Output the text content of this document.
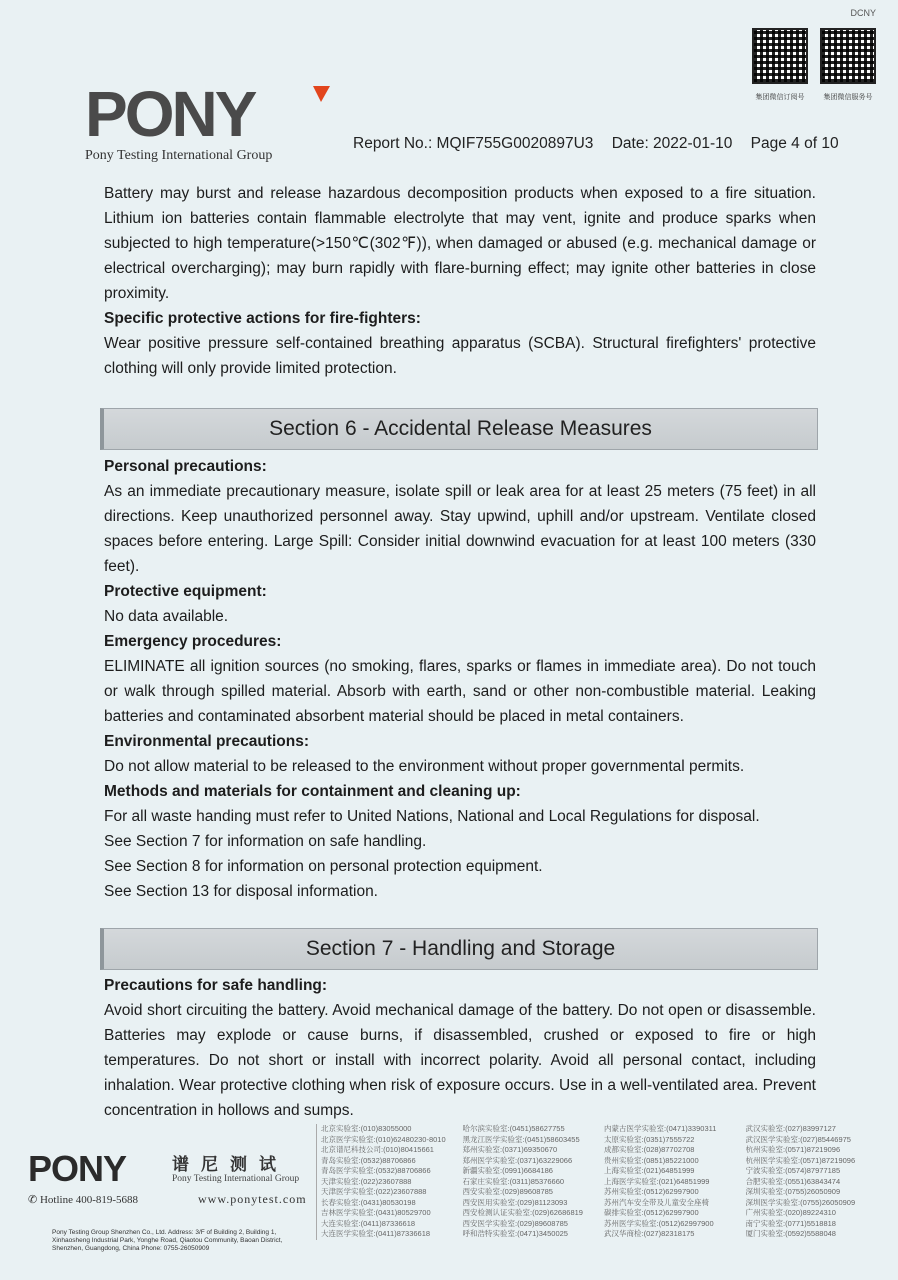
DCNY
集团微信订阅号	集团微信服务号
PONY
Pony Testing International Group
Report No.: MQIF755G0020897U3 Date: 2022-01-10 Page 4 of 10

Battery may burst and release hazardous decomposition products when exposed to a fire situation. Lithium ion batteries contain flammable electrolyte that may vent, ignite and produce sparks when subjected to high temperature(>150℃(302℉)), when damaged or abused (e.g. mechanical damage or electrical overcharging); may burn rapidly with flare-burning effect; may ignite other batteries in close proximity.

Specific protective actions for fire-fighters:

Wear positive pressure self-contained breathing apparatus (SCBA). Structural firefighters' protective clothing will only provide limited protection.

Section 6 - Accidental Release Measures

Personal precautions:

As an immediate precautionary measure, isolate spill or leak area for at least 25 meters (75 feet) in all directions. Keep unauthorized personnel away. Stay upwind, uphill and/or upstream. Ventilate closed spaces before entering. Large Spill: Consider initial downwind evacuation for at least 100 meters (330 feet).

Protective equipment:

No data available.

Emergency procedures:

ELIMINATE all ignition sources (no smoking, flares, sparks or flames in immediate area). Do not touch or walk through spilled material. Absorb with earth, sand or other non-combustible material. Leaking batteries and contaminated absorbent material should be placed in metal containers.

Environmental precautions:

Do not allow material to be released to the environment without proper governmental permits.

Methods and materials for containment and cleaning up:

For all waste handing must refer to United Nations, National and Local Regulations for disposal.

See Section 7 for information on safe handling.

See Section 8 for information on personal protection equipment.

See Section 13 for disposal information.

Section 7 - Handling and Storage

Precautions for safe handling:

Avoid short circuiting the battery. Avoid mechanical damage of the battery. Do not open or disassemble. Batteries may explode or cause burns, if disassembled, crushed or exposed to fire or high temperatures. Do not short or install with incorrect polarity. Avoid all personal contact, including inhalation. Wear protective clothing when risk of exposure occurs. Use in a well-ventilated area. Prevent concentration in hollows and sumps.

PONY	谱尼测试
Pony Testing International Group
✆ Hotline 400-819-5688	www.ponytest.com
Pony Testing Group Shenzhen Co., Ltd. Address: 3/F of Building 2, Building 1, Xinhaosheng Industrial Park, Yonghe Road, Qiaotou Community, Baoan District, Shenzhen, Guangdong, China Phone: 0755-26050909
北京实验室:(010)83055000	哈尔滨实验室:(0451)58627755	内蒙古医学实验室:(0471)3390311	武汉实验室:(027)83997127
北京医学实验室:(010)62480230-8010	黑龙江医学实验室:(0451)58603455	太原实验室:(0351)7555722	武汉医学实验室:(027)85446975
北京谱尼科技公司:(010)80415661	郑州实验室:(0371)69350670	成都实验室:(028)87702708	杭州实验室:(0571)87219096
青岛实验室:(0532)88706866	郑州医学实验室:(0371)63229066	贵州实验室:(0851)85221000	杭州医学实验室:(0571)87219096
青岛医学实验室:(0532)88706866	新疆实验室:(0991)6684186	上海实验室:(021)64851999	宁波实验室:(0574)87977185
天津实验室:(022)23607888	石家庄实验室:(0311)85376660	上海医学实验室:(021)64851999	合肥实验室:(0551)63843474
天津医学实验室:(022)23607888	西安实验室:(029)89608785	苏州实验室:(0512)62997900	深圳实验室:(0755)26050909
长春实验室:(0431)80530198	西安医用实验室:(029)81123093	苏州汽车安全带及儿童安全座椅	深圳医学实验室:(0755)26050909
吉林医学实验室:(0431)80529700	西安检测认证实验室:(029)62686819	碳排实验室:(0512)62997900	广州实验室:(020)89224310
大连实验室:(0411)87336618	西安医学实验室:(029)89608785	苏州医学实验室:(0512)62997900	南宁实验室:(0771)5518818
大连医学实验室:(0411)87336618	呼和浩特实验室:(0471)3450025	武汉华商检:(027)82318175	厦门实验室:(0592)5588048
